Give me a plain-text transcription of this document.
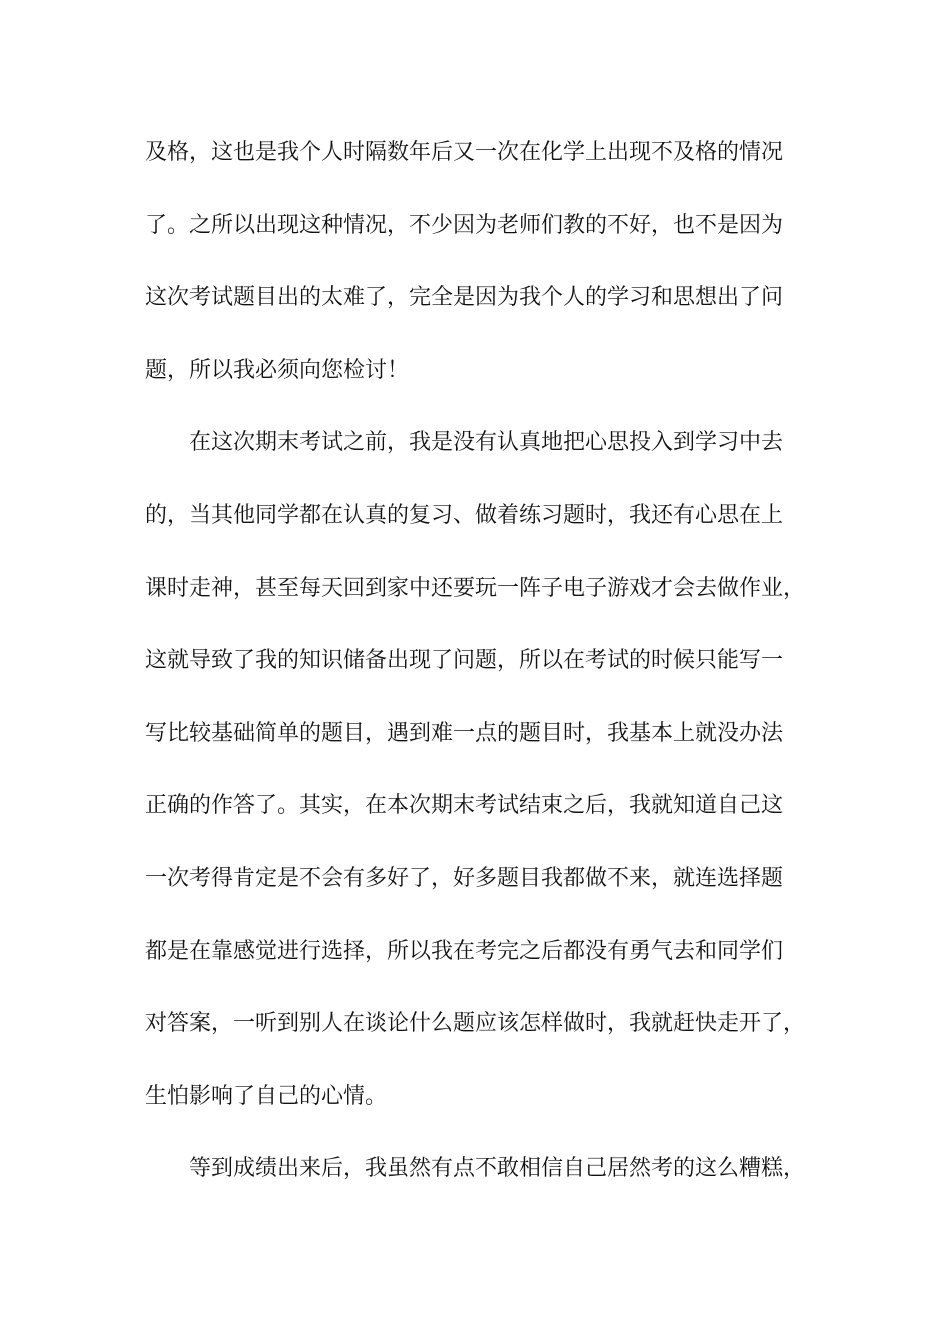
及格，这也是我个人时隔数年后又一次在化学上出现不及格的情况
了。之所以出现这种情况，不少因为老师们教的不好，也不是因为
这次考试题目出的太难了，完全是因为我个人的学习和思想出了问
题，所以我必须向您检讨！
在这次期末考试之前，我是没有认真地把心思投入到学习中去
的，当其他同学都在认真的复习、做着练习题时，我还有心思在上
课时走神，甚至每天回到家中还要玩一阵子电子游戏才会去做作业，
这就导致了我的知识储备出现了问题，所以在考试的时候只能写一
写比较基础简单的题目，遇到难一点的题目时，我基本上就没办法
正确的作答了。其实，在本次期末考试结束之后，我就知道自己这
一次考得肯定是不会有多好了，好多题目我都做不来，就连选择题
都是在靠感觉进行选择，所以我在考完之后都没有勇气去和同学们
对答案，一听到别人在谈论什么题应该怎样做时，我就赶快走开了，
生怕影响了自己的心情。
等到成绩出来后，我虽然有点不敢相信自己居然考的这么糟糕，
